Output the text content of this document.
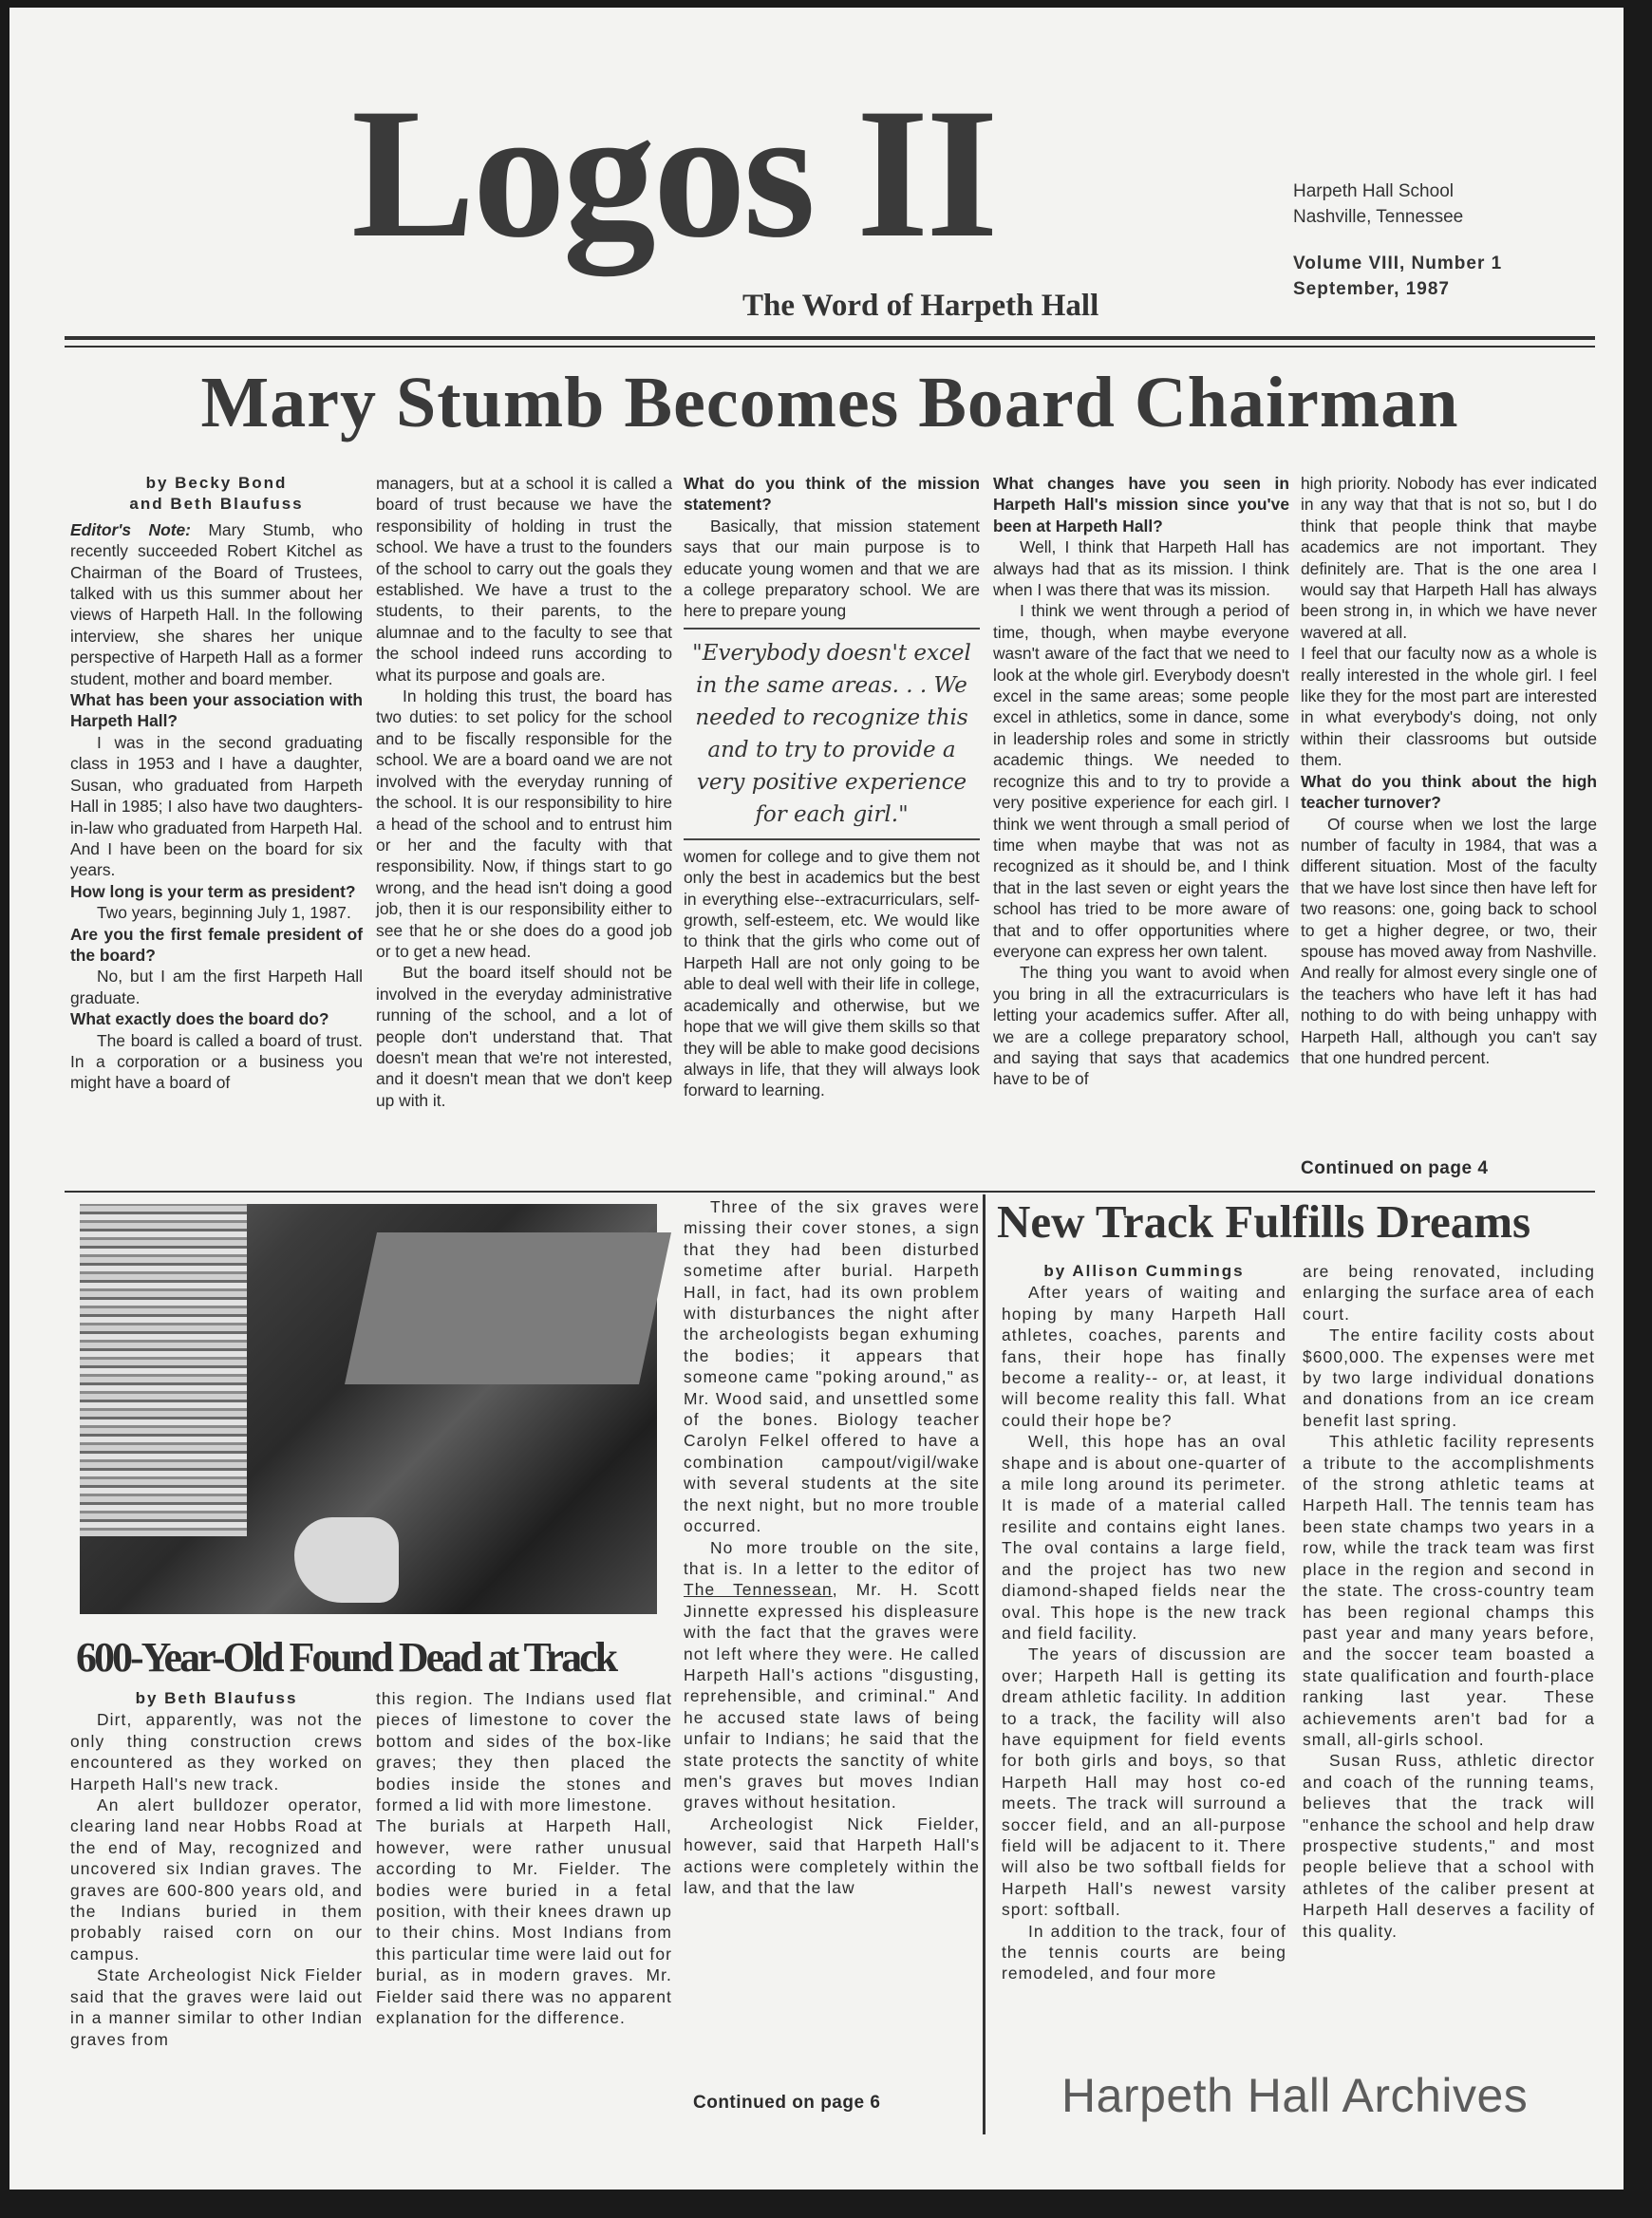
Logos II
The Word of Harpeth Hall
Harpeth Hall School
Nashville, Tennessee
Volume VIII, Number 1
September, 1987
Mary Stumb Becomes Board Chairman

by Becky Bond

and Beth Blaufuss

Editor's Note: Mary Stumb, who recently succeeded Robert Kitchel as Chairman of the Board of Trustees, talked with us this summer about her views of Harpeth Hall. In the following interview, she shares her unique perspective of Harpeth Hall as a former student, mother and board member.

What has been your association with Harpeth Hall?

I was in the second graduating class in 1953 and I have a daughter, Susan, who graduated from Harpeth Hall in 1985; I also have two daughters-in-law who graduated from Harpeth Hal. And I have been on the board for six years.

How long is your term as president?

Two years, beginning July 1, 1987.

Are you the first female president of the board?

No, but I am the first Harpeth Hall graduate.

What exactly does the board do?

The board is called a board of trust. In a corporation or a business you might have a board of

managers, but at a school it is called a board of trust because we have the responsibility of holding in trust the school. We have a trust to the founders of the school to carry out the goals they established. We have a trust to the students, to their parents, to the alumnae and to the faculty to see that the school indeed runs according to what its purpose and goals are.

In holding this trust, the board has two duties: to set policy for the school and to be fiscally responsible for the school. We are a board oand we are not involved with the everyday running of the school. It is our responsibility to hire a head of the school and to entrust him or her and the faculty with that responsibility. Now, if things start to go wrong, and the head isn't doing a good job, then it is our responsibility either to see that he or she does do a good job or to get a new head.

But the board itself should not be involved in the everyday administrative running of the school, and a lot of people don't understand that. That doesn't mean that we're not interested, and it doesn't mean that we don't keep up with it.

What do you think of the mission statement?

Basically, that mission statement says that our main purpose is to educate young women and that we are a college preparatory school. We are here to prepare young

"Everybody doesn't excel in the same areas. . . We needed to recognize this and to try to provide a very positive experience for each girl."

women for college and to give them not only the best in academics but the best in everything else--extracurriculars, self-growth, self-esteem, etc. We would like to think that the girls who come out of Harpeth Hall are not only going to be able to deal well with their life in college, academically and otherwise, but we hope that we will give them skills so that they will be able to make good decisions always in life, that they will always look forward to learning.

What changes have you seen in Harpeth Hall's mission since you've been at Harpeth Hall?

Well, I think that Harpeth Hall has always had that as its mission. I think when I was there that was its mission.

I think we went through a period of time, though, when maybe everyone wasn't aware of the fact that we need to look at the whole girl. Everybody doesn't excel in the same areas; some people excel in athletics, some in dance, some in leadership roles and some in strictly academic things. We needed to recognize this and to try to provide a very positive experience for each girl. I think we went through a small period of time when maybe that was not as recognized as it should be, and I think that in the last seven or eight years the school has tried to be more aware of that and to offer opportunities where everyone can express her own talent.

The thing you want to avoid when you bring in all the extracurriculars is letting your academics suffer. After all, we are a college preparatory school, and saying that says that academics have to be of

high priority. Nobody has ever indicated in any way that that is not so, but I do think that people think that maybe academics are not important. They definitely are. That is the one area I would say that Harpeth Hall has always been strong in, in which we have never wavered at all.

I feel that our faculty now as a whole is really interested in the whole girl. I feel like they for the most part are interested in what everybody's doing, not only within their classrooms but outside them.

What do you think about the high teacher turnover?

Of course when we lost the large number of faculty in 1984, that was a different situation. Most of the faculty that we have lost since then have left for two reasons: one, going back to school to get a higher degree, or two, their spouse has moved away from Nashville. And really for almost every single one of the teachers who have left it has had nothing to do with being unhappy with Harpeth Hall, although you can't say that one hundred percent.

Continued on page 4
600-Year-Old Found Dead at Track

by Beth Blaufuss

Dirt, apparently, was not the only thing construction crews encountered as they worked on Harpeth Hall's new track.

An alert bulldozer operator, clearing land near Hobbs Road at the end of May, recognized and uncovered six Indian graves. The graves are 600-800 years old, and the Indians buried in them probably raised corn on our campus.

State Archeologist Nick Fielder said that the graves were laid out in a manner similar to other Indian graves from

this region. The Indians used flat pieces of limestone to cover the bottom and sides of the box-like graves; they then placed the bodies inside the stones and formed a lid with more limestone.

The burials at Harpeth Hall, however, were rather unusual according to Mr. Fielder. The bodies were buried in a fetal position, with their knees drawn up to their chins. Most Indians from this particular time were laid out for burial, as in modern graves. Mr. Fielder said there was no apparent explanation for the difference.

Three of the six graves were missing their cover stones, a sign that they had been disturbed sometime after burial. Harpeth Hall, in fact, had its own problem with disturbances the night after the archeologists began exhuming the bodies; it appears that someone came "poking around," as Mr. Wood said, and unsettled some of the bones. Biology teacher Carolyn Felkel offered to have a combination campout/vigil/wake with several students at the site the next night, but no more trouble occurred.

No more trouble on the site, that is. In a letter to the editor of The Tennessean, Mr. H. Scott Jinnette expressed his displeasure with the fact that the graves were not left where they were. He called Harpeth Hall's actions "disgusting, reprehensible, and criminal." And he accused state laws of being unfair to Indians; he said that the state protects the sanctity of white men's graves but moves Indian graves without hesitation.

Archeologist Nick Fielder, however, said that Harpeth Hall's actions were completely within the law, and that the law

Continued on page 6
New Track Fulfills Dreams

by Allison Cummings

After years of waiting and hoping by many Harpeth Hall athletes, coaches, parents and fans, their hope has finally become a reality-- or, at least, it will become reality this fall. What could their hope be?

Well, this hope has an oval shape and is about one-quarter of a mile long around its perimeter. It is made of a material called resilite and contains eight lanes. The oval contains a large field, and the project has two new diamond-shaped fields near the oval. This hope is the new track and field facility.

The years of discussion are over; Harpeth Hall is getting its dream athletic facility. In addition to a track, the facility will also have equipment for field events for both girls and boys, so that Harpeth Hall may host co-ed meets. The track will surround a soccer field, and an all-purpose field will be adjacent to it. There will also be two softball fields for Harpeth Hall's newest varsity sport: softball.

In addition to the track, four of the tennis courts are being remodeled, and four more

are being renovated, including enlarging the surface area of each court.

The entire facility costs about $600,000. The expenses were met by two large individual donations and donations from an ice cream benefit last spring.

This athletic facility represents a tribute to the accomplishments of the strong athletic teams at Harpeth Hall. The tennis team has been state champs two years in a row, while the track team was first place in the region and second in the state. The cross-country team has been regional champs this past year and many years before, and the soccer team boasted a state qualification and fourth-place ranking last year. These achievements aren't bad for a small, all-girls school.

Susan Russ, athletic director and coach of the running teams, believes that the track will "enhance the school and help draw prospective students," and most people believe that a school with athletes of the caliber present at Harpeth Hall deserves a facility of this quality.

Harpeth Hall Archives
